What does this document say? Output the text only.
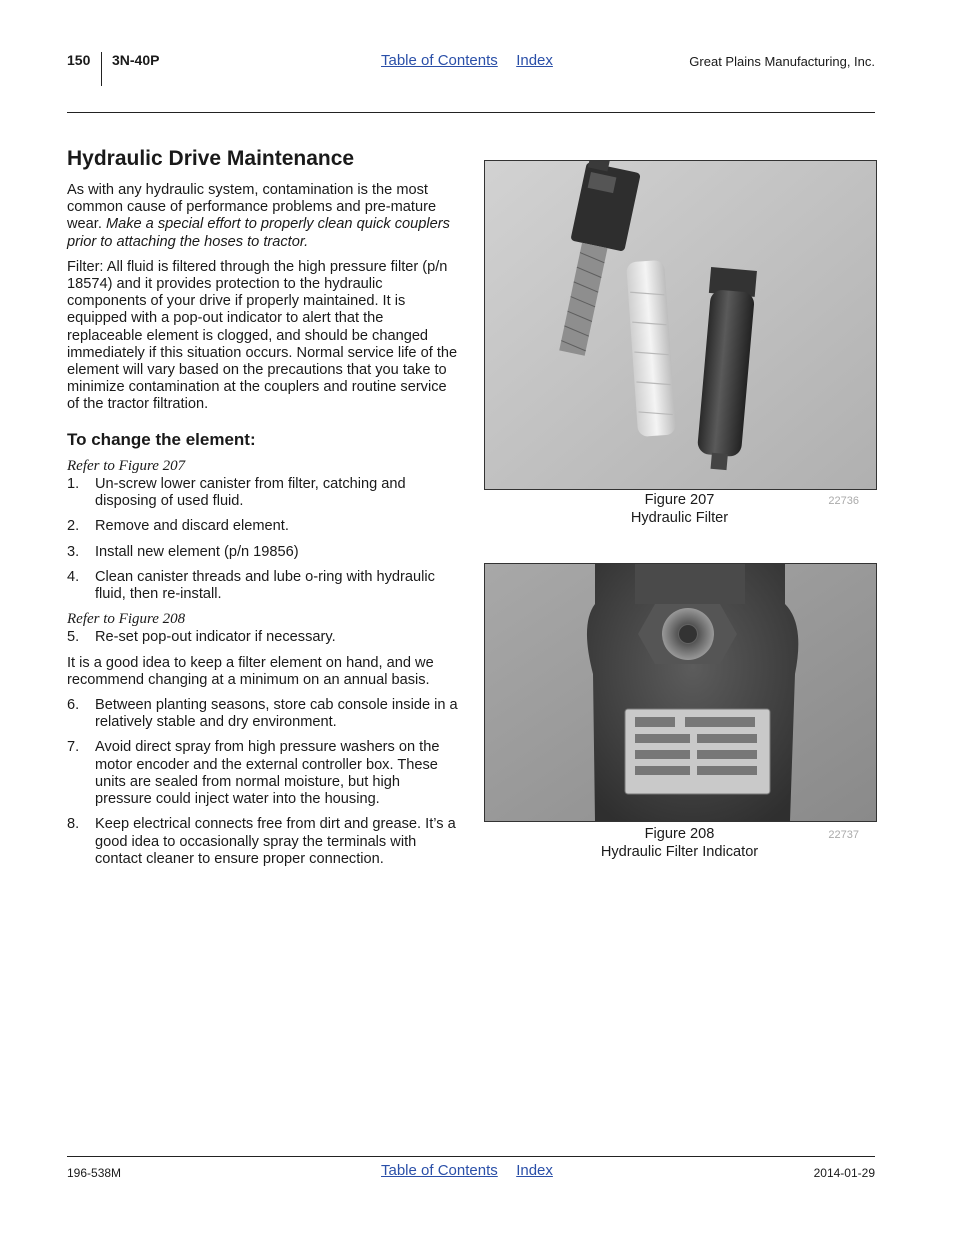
150 3N-40P	Table of Contents Index	Great Plains Manufacturing, Inc.
Hydraulic Drive Maintenance

As with any hydraulic system, contamination is the most common cause of performance problems and pre-mature wear. Make a special effort to properly clean quick couplers prior to attaching the hoses to tractor.

Filter: All fluid is filtered through the high pressure filter (p/n 18574) and it provides protection to the hydraulic components of your drive if properly maintained. It is equipped with a pop-out indicator to alert that the replaceable element is clogged, and should be changed immediately if this situation occurs. Normal service life of the element will vary based on the precautions that you take to minimize contamination at the couplers and routine service of the tractor filtration.

To change the element:
Refer to Figure 207
1. Un-screw lower canister from filter, catching and disposing of used fluid.
2. Remove and discard element.
3. Install new element (p/n 19856)
4. Clean canister threads and lube o-ring with hydraulic fluid, then re-install.
Refer to Figure 208
5. Re-set pop-out indicator if necessary.

It is a good idea to keep a filter element on hand, and we recommend changing at a minimum on an annual basis.

6. Between planting seasons, store cab console inside in a relatively stable and dry environment.
7. Avoid direct spray from high pressure washers on the motor encoder and the external controller box. These units are sealed from normal moisture, but high pressure could inject water into the housing.
8. Keep electrical connects free from dirt and grease. It’s a good idea to occasionally spray the terminals with contact cleaner to ensure proper connection.
Figure 207
Hydraulic Filter
22736
Figure 208
Hydraulic Filter Indicator
22737
196-538M	Table of Contents Index	2014-01-29
